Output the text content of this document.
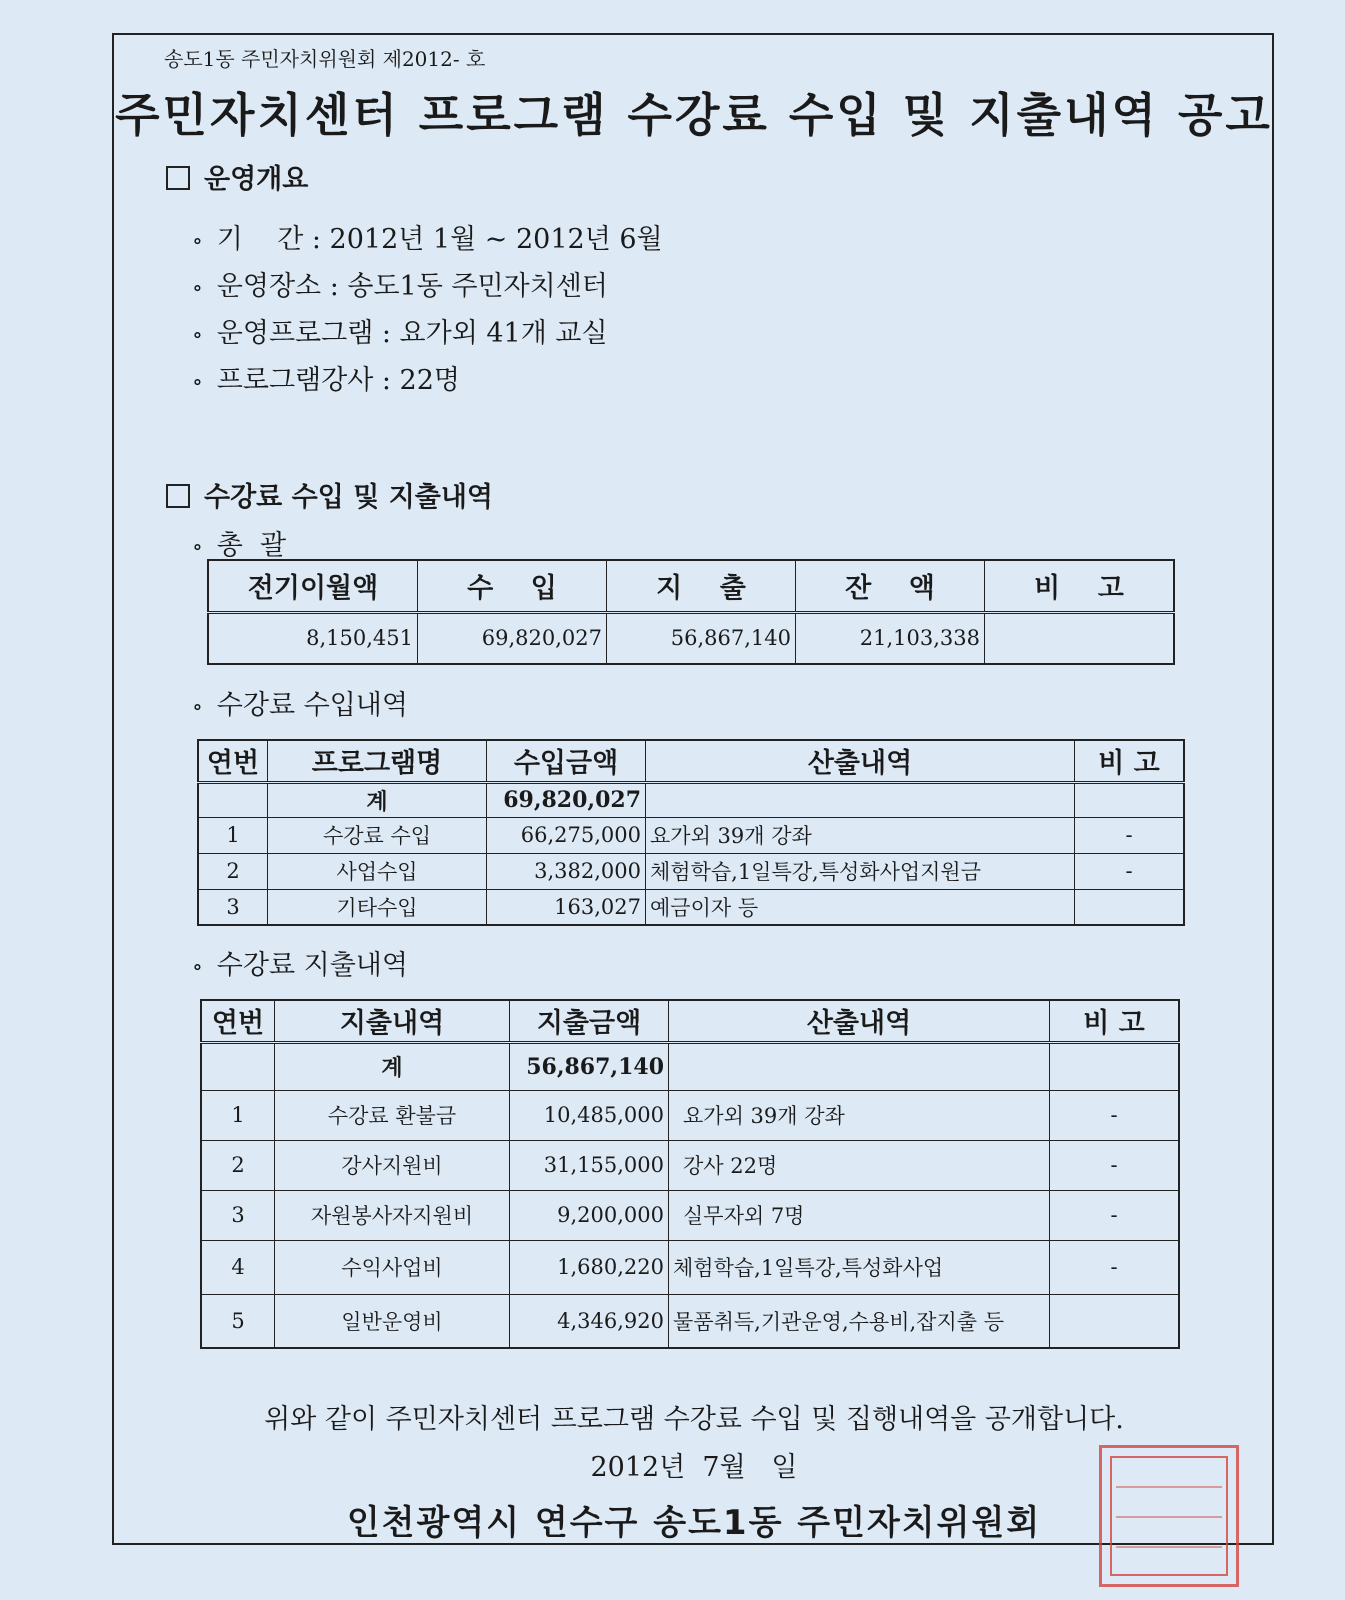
송도1동 주민자치위원회 제2012- 호
주민자치센터 프로그램 수강료 수입 및 지출내역 공고
운영개요
∘ 기    간 : 2012년 1월 ~ 2012년 6월
∘ 운영장소 : 송도1동 주민자치센터
∘ 운영프로그램 : 요가외 41개 교실
∘ 프로그램강사 : 22명
수강료 수입 및 지출내역
∘ 총  괄
전기이월액	수    입	지    출	잔    액	비    고
8,150,451	69,820,027	56,867,140	21,103,338	
∘ 수강료 수입내역
연번	프로그램명	수입금액	산출내역	비 고
	계	69,820,027		
1	수강료 수입	66,275,000	요가외 39개 강좌	-
2	사업수입	3,382,000	체험학습,1일특강,특성화사업지원금	-
3	기타수입	163,027	예금이자 등	
∘ 수강료 지출내역
연번	지출내역	지출금액	산출내역	비 고
	계	56,867,140		
1	수강료 환불금	10,485,000	요가외 39개 강좌	-
2	강사지원비	31,155,000	강사 22명	-
3	자원봉사자지원비	9,200,000	실무자외 7명	-
4	수익사업비	1,680,220	체험학습,1일특강,특성화사업	-
5	일반운영비	4,346,920	물품취득,기관운영,수용비,잡지출 등	
위와 같이 주민자치센터 프로그램 수강료 수입 및 집행내역을 공개합니다.
2012년  7월   일
인천광역시 연수구 송도1동 주민자치위원회
